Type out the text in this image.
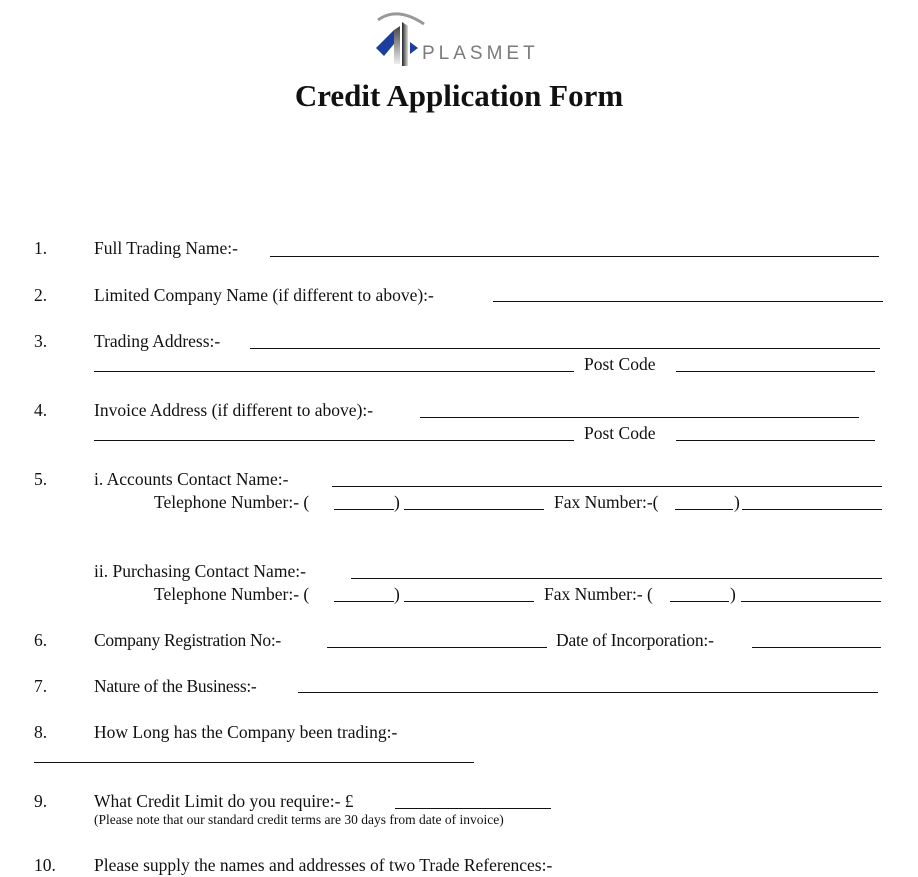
PLASMET
Credit Application Form
1.	Full Trading Name:-
2.	Limited Company Name (if different to above):-
3.	Trading Address:-
Post Code
4.	Invoice Address (if different to above):-
Post Code
5.	i. Accounts Contact Name:-
Telephone Number:- (	)	Fax Number:-(	)
ii. Purchasing Contact Name:-
Telephone Number:- (	)	Fax Number:- (	)
6.	Company Registration No:-	Date of Incorporation:-
7.	Nature of the Business:-
8.	How Long has the Company been trading:-
9.	What Credit Limit do you require:- £
(Please note that our standard credit terms are 30 days from date of invoice)
10. Please supply the names and addresses of two Trade References:-
